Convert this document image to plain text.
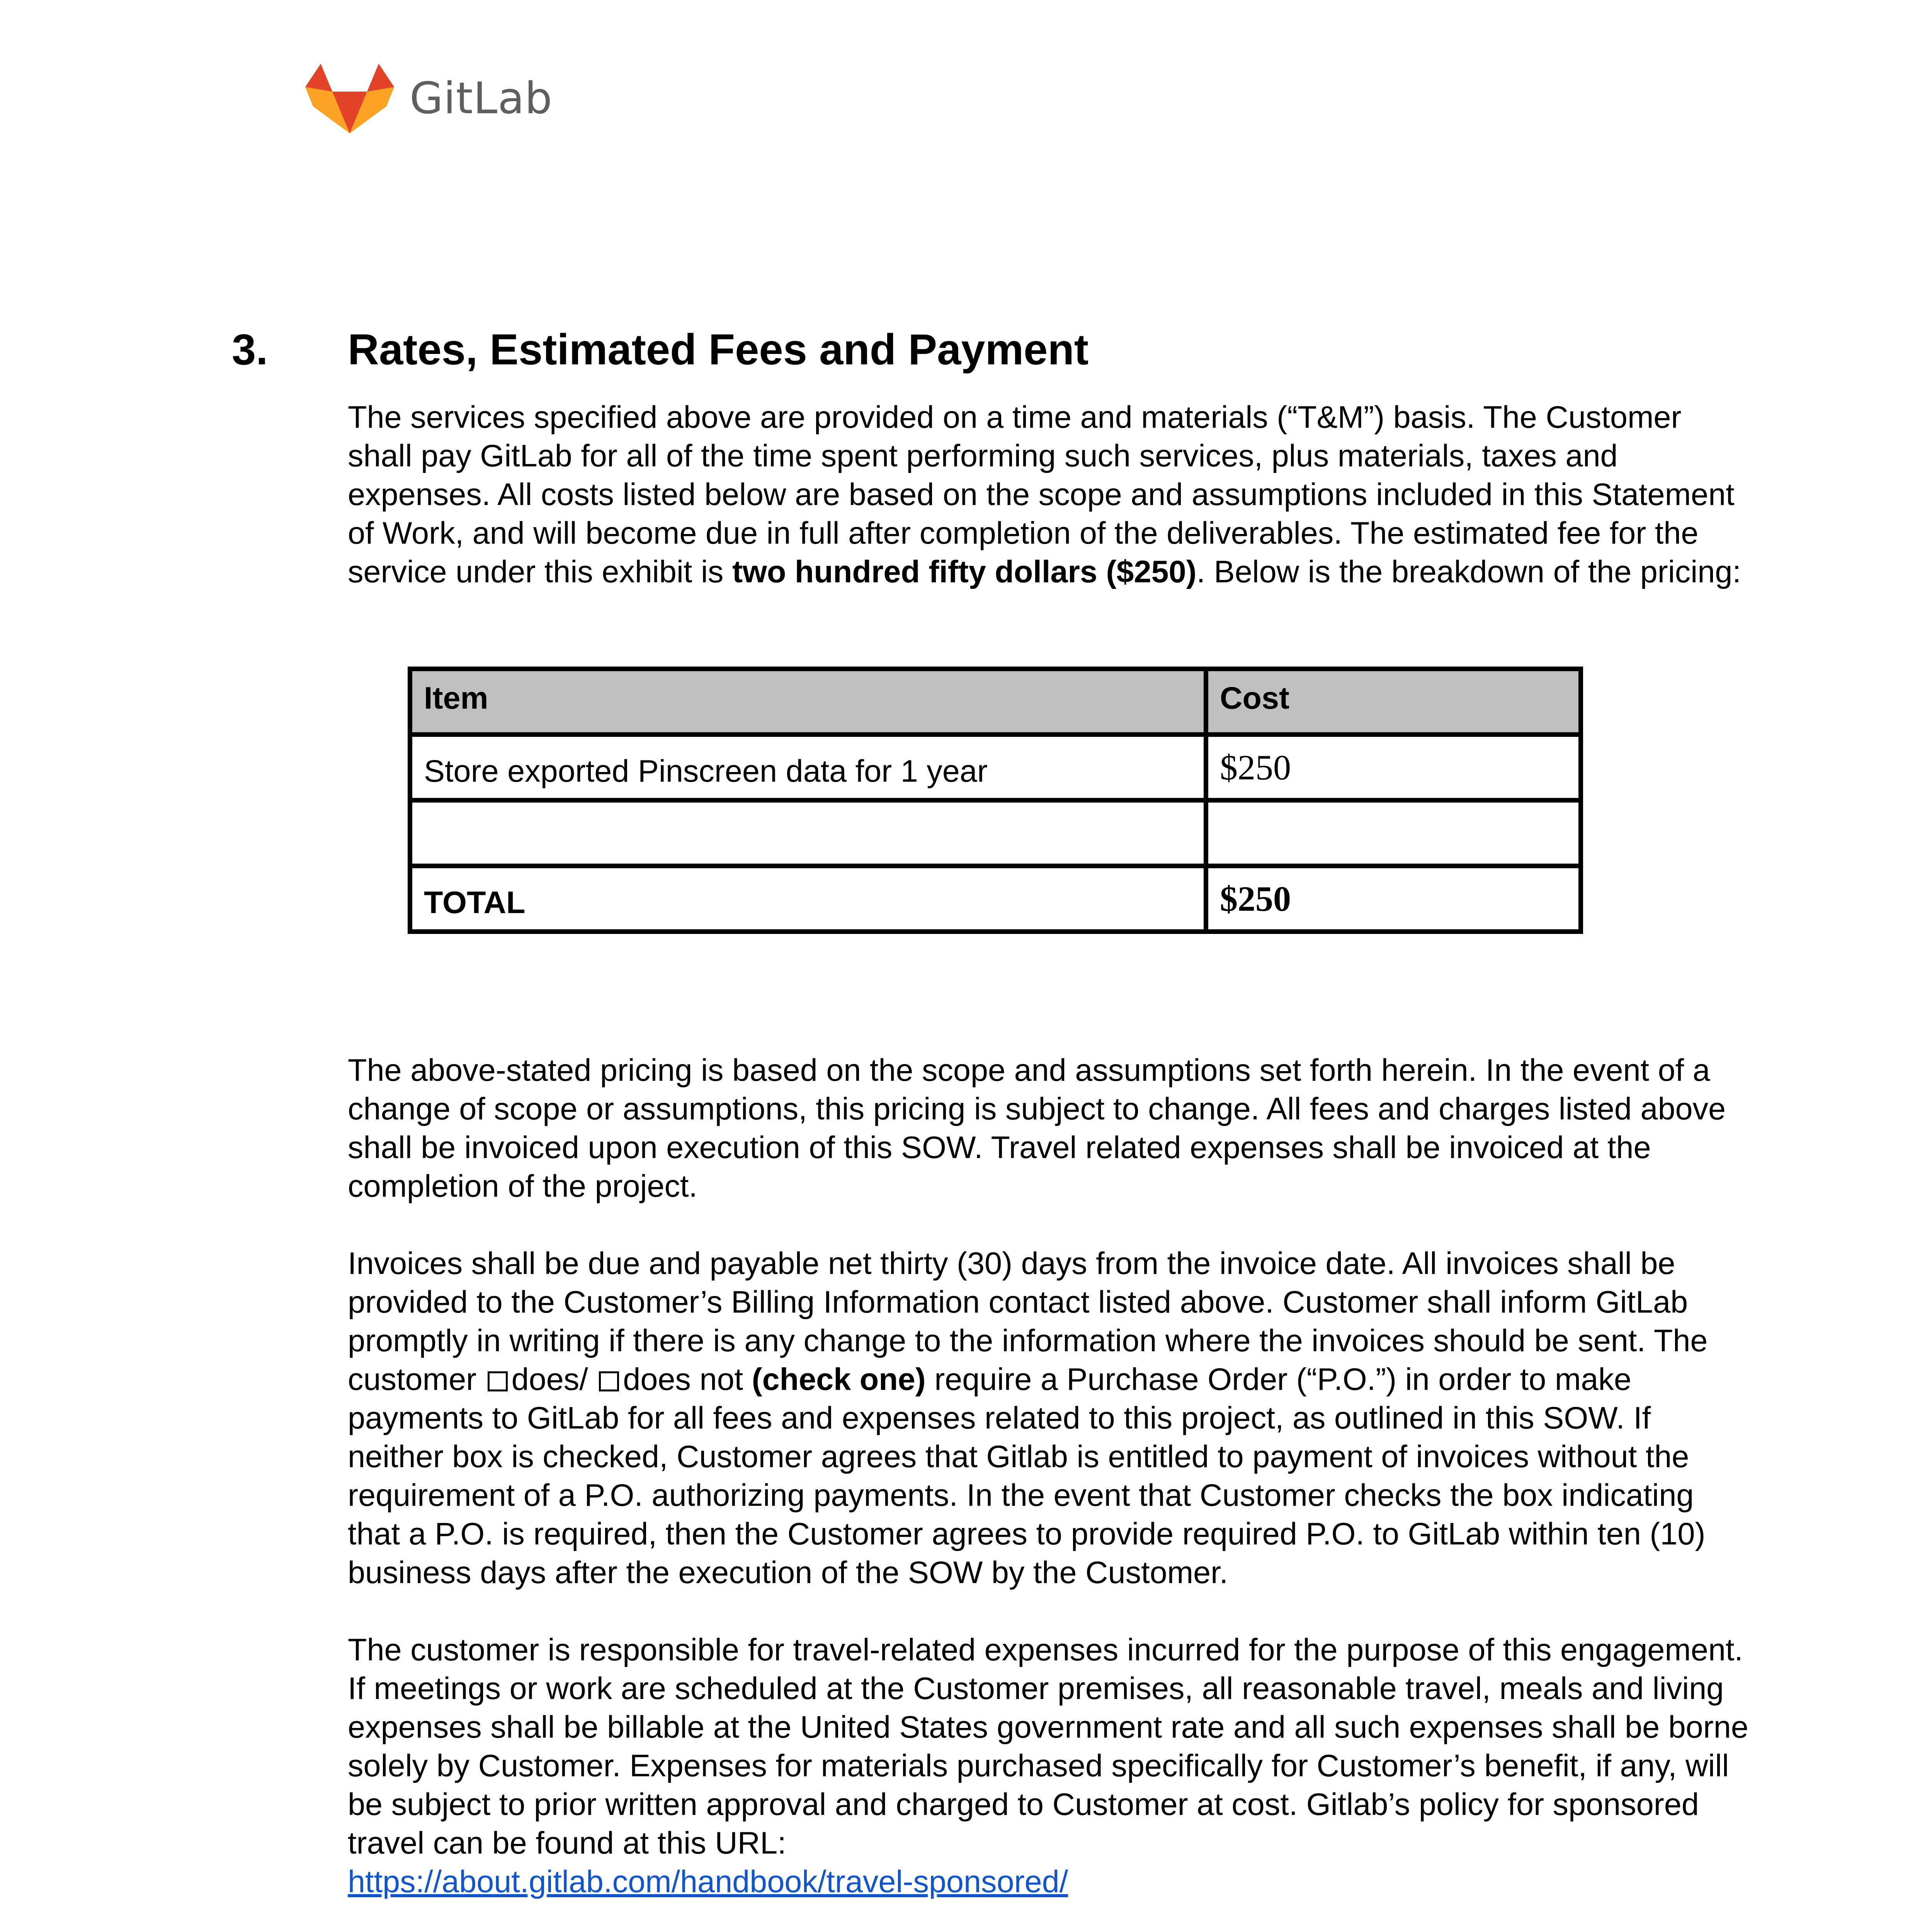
GitLab
3. Rates, Estimated Fees and Payment

The services specified above are provided on a time and materials (“T&M”) basis. The Customer shall pay GitLab for all of the time spent performing such services, plus materials, taxes and expenses. All costs listed below are based on the scope and assumptions included in this Statement of Work, and will become due in full after completion of the deliverables. The estimated fee for the service under this exhibit is two hundred fifty dollars ($250). Below is the breakdown of the pricing:

Item	Cost
Store exported Pinscreen data for 1 year	$250

TOTAL	$250

The above-stated pricing is based on the scope and assumptions set forth herein. In the event of a change of scope or assumptions, this pricing is subject to change. All fees and charges listed above shall be invoiced upon execution of this SOW. Travel related expenses shall be invoiced at the completion of the project.

Invoices shall be due and payable net thirty (30) days from the invoice date. All invoices shall be provided to the Customer’s Billing Information contact listed above. Customer shall inform GitLab promptly in writing if there is any change to the information where the invoices should be sent. The customer does/ does not (check one) require a Purchase Order (“P.O.”) in order to make payments to GitLab for all fees and expenses related to this project, as outlined in this SOW. If neither box is checked, Customer agrees that Gitlab is entitled to payment of invoices without the requirement of a P.O. authorizing payments. In the event that Customer checks the box indicating that a P.O. is required, then the Customer agrees to provide required P.O. to GitLab within ten (10) business days after the execution of the SOW by the Customer.

The customer is responsible for travel-related expenses incurred for the purpose of this engagement. If meetings or work are scheduled at the Customer premises, all reasonable travel, meals and living expenses shall be billable at the United States government rate and all such expenses shall be borne solely by Customer. Expenses for materials purchased specifically for Customer’s benefit, if any, will be subject to prior written approval and charged to Customer at cost. Gitlab’s policy for sponsored travel can be found at this URL:
https://about.gitlab.com/handbook/travel-sponsored/
